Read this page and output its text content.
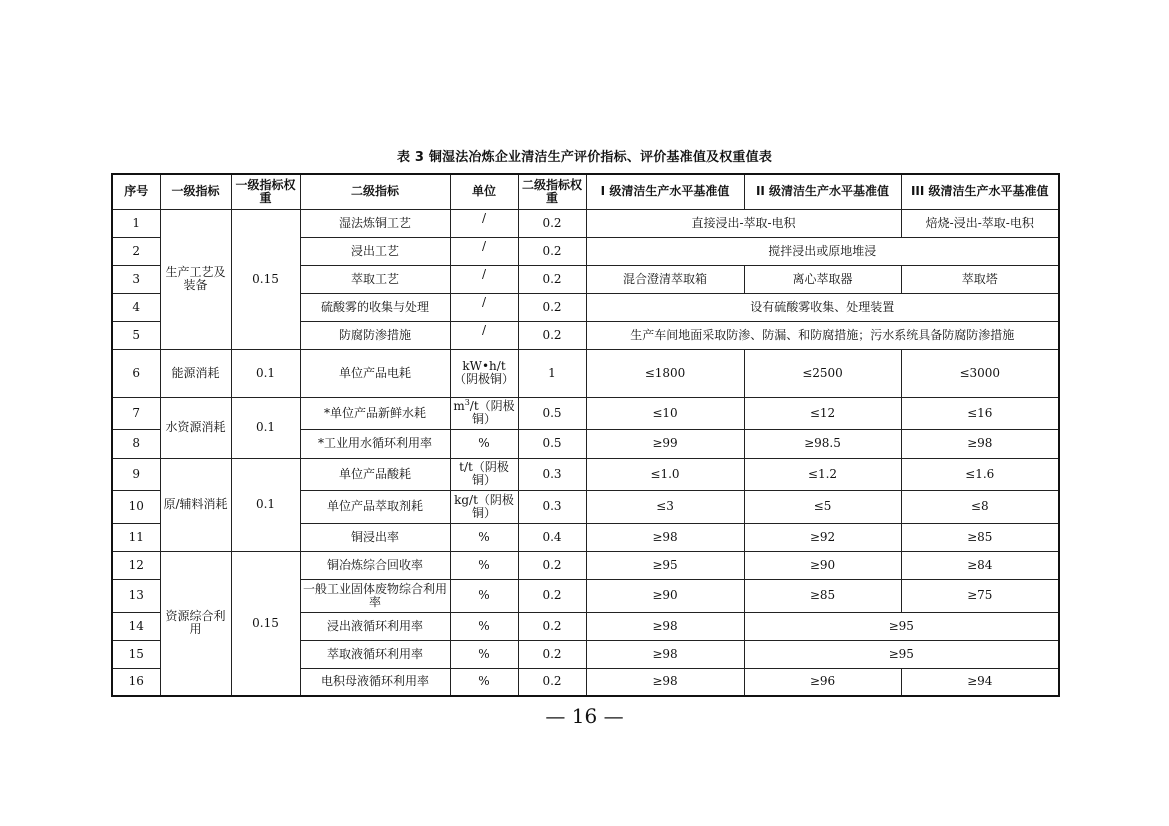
表 3 铜湿法冶炼企业清洁生产评价指标、评价基准值及权重值表
序号	一级指标	一级指标权重	二级指标	单位	二级指标权重	I 级清洁生产水平基准值	II 级清洁生产水平基准值	III 级清洁生产水平基准值
1	生产工艺及装备	0.15	湿法炼铜工艺	/	0.2	直接浸出-萃取-电积		焙烧-浸出-萃取-电积
2			浸出工艺	/	0.2	搅拌浸出或原地堆浸		
3			萃取工艺	/	0.2	混合澄清萃取箱	离心萃取器	萃取塔
4			硫酸雾的收集与处理	/	0.2	设有硫酸雾收集、处理装置		
5			防腐防渗措施	/	0.2	生产车间地面采取防渗、防漏、和防腐措施；污水系统具备防腐防渗措施		
6	能源消耗	0.1	单位产品电耗	kW•h/t（阴极铜）	1	≤1800	≤2500	≤3000
7	水资源消耗	0.1	*单位产品新鲜水耗	$m^3/t$（阴极铜）	0.5	≤10	≤12	≤16
8			*工业用水循环利用率	%	0.5	≥99	≥98.5	≥98
9	原/辅料消耗	0.1	单位产品酸耗	t/t（阴极铜）	0.3	≤1.0	≤1.2	≤1.6
10			单位产品萃取剂耗	kg/t（阴极铜）	0.3	≤3	≤5	≤8
11			铜浸出率	%	0.4	≥98	≥92	≥85
12	资源综合利用	0.15	铜冶炼综合回收率	%	0.2	≥95	≥90	≥84
13			一般工业固体废物综合利用率	%	0.2	≥90	≥85	≥75
14			浸出液循环利用率	%	0.2	≥98	≥95	
15			萃取液循环利用率	%	0.2	≥98	≥95	
16			电积母液循环利用率	%	0.2	≥98	≥96	≥94
— 16 —
